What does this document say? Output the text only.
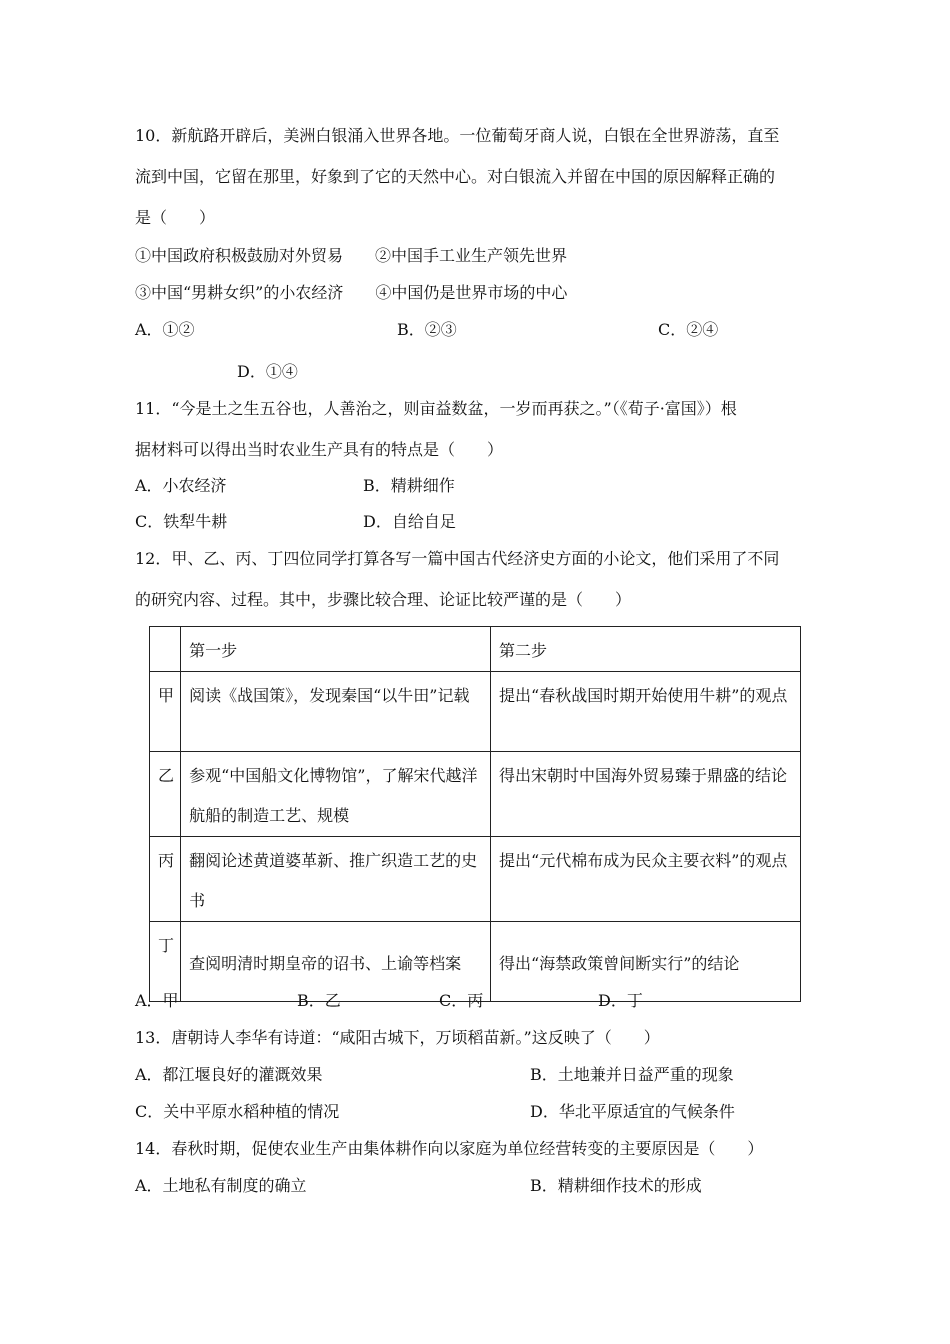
10．新航路开辟后，美洲白银涌入世界各地。一位葡萄牙商人说，白银在全世界游荡，直至
流到中国，它留在那里，好象到了它的天然中心。对白银流入并留在中国的原因解释正确的
是（　　）
①中国政府积极鼓励对外贸易　　②中国手工业生产领先世界
③中国“男耕女织”的小农经济　　④中国仍是世界市场的中心
A．①②	B．②③	C．②④
D．①④
11．“今是土之生五谷也，人善治之，则亩益数盆，一岁而再获之。”（《荀子·富国》）根
据材料可以得出当时农业生产具有的特点是（　　）
A．小农经济	B．精耕细作
C．铁犁牛耕	D．自给自足
12．甲、乙、丙、丁四位同学打算各写一篇中国古代经济史方面的小论文，他们采用了不同
的研究内容、过程。其中，步骤比较合理、论证比较严谨的是（　　）
	第一步	第二步
甲	阅读《战国策》，发现秦国“以牛田”记载	提出“春秋战国时期开始使用牛耕”的观点
乙	参观“中国船文化博物馆”，了解宋代越洋航船的制造工艺、规模	得出宋朝时中国海外贸易臻于鼎盛的结论
丙	翻阅论述黄道婆革新、推广织造工艺的史书	提出“元代棉布成为民众主要衣料”的观点
丁	查阅明清时期皇帝的诏书、上谕等档案	得出“海禁政策曾间断实行”的结论
A．甲	B．乙	C．丙	D．丁
13．唐朝诗人李华有诗道：“咸阳古城下，万顷稻苗新。”这反映了（　　）
A．都江堰良好的灌溉效果	B．土地兼并日益严重的现象
C．关中平原水稻种植的情况	D．华北平原适宜的气候条件
14．春秋时期，促使农业生产由集体耕作向以家庭为单位经营转变的主要原因是（　　）
A．土地私有制度的确立	B．精耕细作技术的形成
